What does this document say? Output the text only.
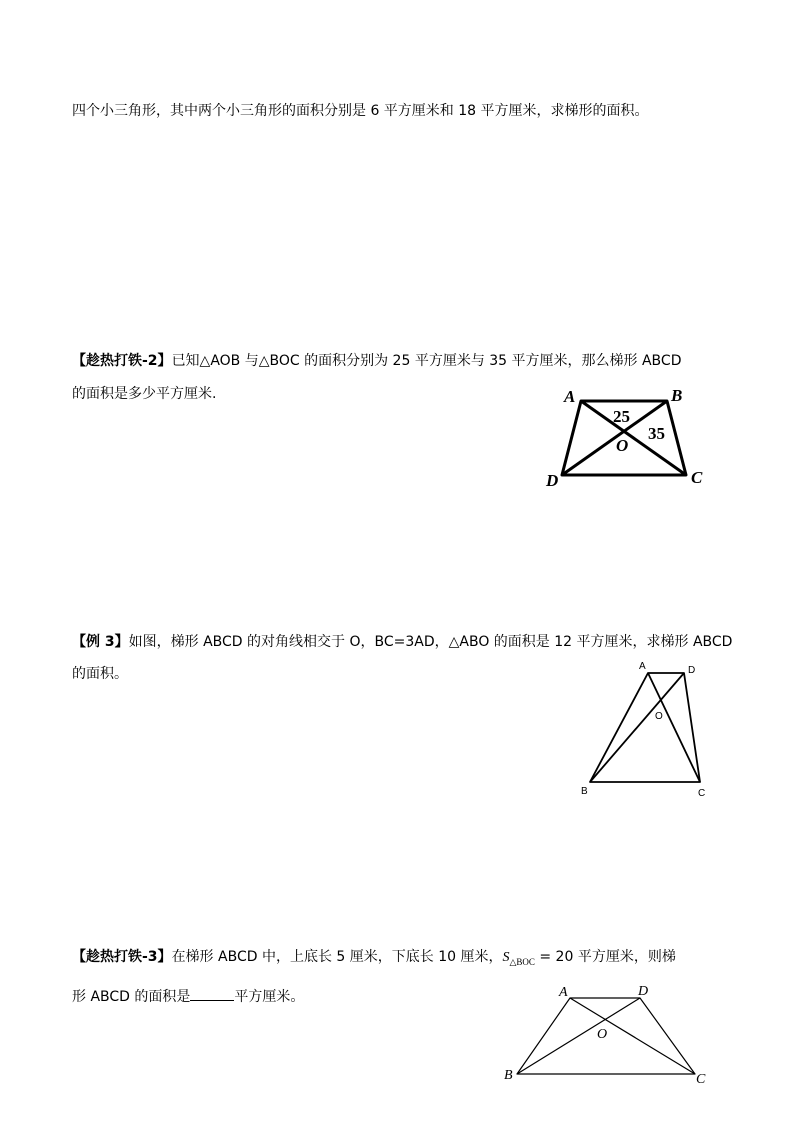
四个小三角形，其中两个小三角形的面积分别是 6 平方厘米和 18 平方厘米，求梯形的面积。
【趁热打铁-2】已知△AOB 与△BOC 的面积分别为 25 平方厘米与 35 平方厘米，那么梯形 ABCD
的面积是多少平方厘米.	A	B
C
D
O
25
35
【例 3】如图，梯形 ABCD 的对角线相交于 O，BC=3AD，△ABO 的面积是 12 平方厘米，求梯形 ABCD
的面积。	A	D
O
B	C
【趁热打铁-3】在梯形 ABCD 中，上底长 5 厘米，下底长 10 厘米，$S_{\triangle BOC} = 20$ 平方厘米，则梯
形 ABCD 的面积是	平方厘米。	A	D
O
B	C
